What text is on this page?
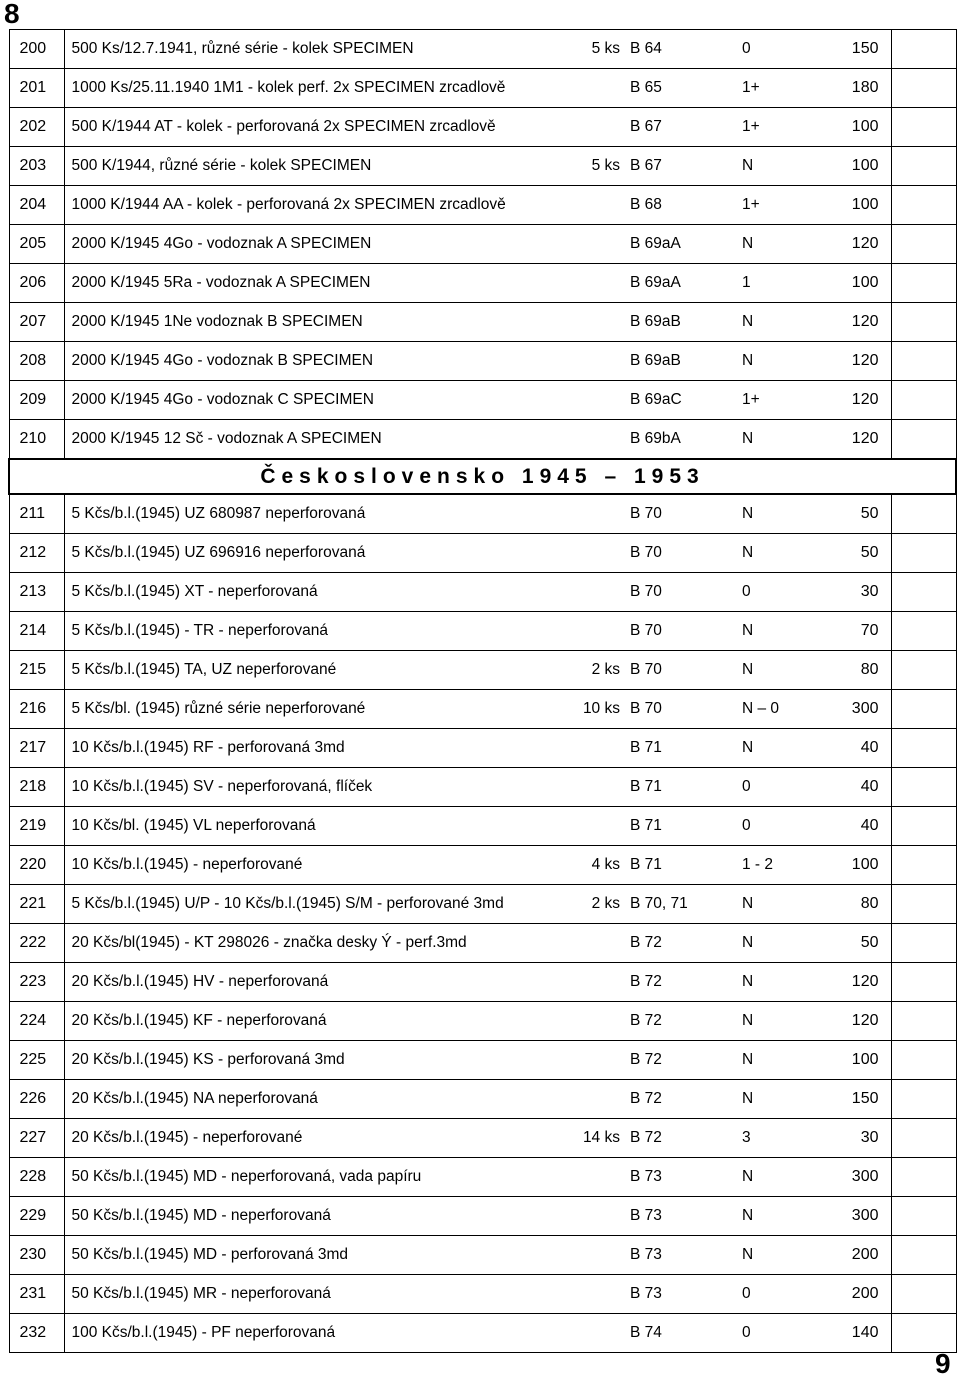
8
200	500 Ks/12.7.1941, různé série - kolek SPECIMEN	5 ks	B 64	0	150	
201	1000 Ks/25.11.1940 1M1 - kolek perf. 2x SPECIMEN zrcadlově		B 65	1+	180	
202	500 K/1944 AT - kolek - perforovaná 2x SPECIMEN zrcadlově		B 67	1+	100	
203	500 K/1944, různé série - kolek SPECIMEN	5 ks	B 67	N	100	
204	1000 K/1944 AA - kolek - perforovaná 2x SPECIMEN zrcadlově		B 68	1+	100	
205	2000 K/1945 4Go - vodoznak A SPECIMEN		B 69aA	N	120	
206	2000 K/1945 5Ra - vodoznak A SPECIMEN		B 69aA	1	100	
207	2000 K/1945 1Ne vodoznak B SPECIMEN		B 69aB	N	120	
208	2000 K/1945 4Go - vodoznak B SPECIMEN		B 69aB	N	120	
209	2000 K/1945 4Go - vodoznak C SPECIMEN		B 69aC	1+	120	
210	2000 K/1945 12 Sč - vodoznak A SPECIMEN		B 69bA	N	120	
Československo 1945 – 1953						
211	5 Kčs/b.l.(1945) UZ 680987 neperforovaná		B 70	N	50	
212	5 Kčs/b.l.(1945) UZ 696916 neperforovaná		B 70	N	50	
213	5 Kčs/b.l.(1945) XT - neperforovaná		B 70	0	30	
214	5 Kčs/b.l.(1945) - TR - neperforovaná		B 70	N	70	
215	5 Kčs/b.l.(1945) TA, UZ neperforované	2 ks	B 70	N	80	
216	5 Kčs/bl. (1945) různé série neperforované	10 ks	B 70	N – 0	300	
217	10 Kčs/b.l.(1945) RF - perforovaná 3md		B 71	N	40	
218	10 Kčs/b.l.(1945) SV - neperforovaná, flíček		B 71	0	40	
219	10 Kčs/bl. (1945) VL neperforovaná		B 71	0	40	
220	10 Kčs/b.l.(1945) - neperforované	4 ks	B 71	1 - 2	100	
221	5 Kčs/b.l.(1945) U/P - 10 Kčs/b.l.(1945) S/M - perforované 3md	2 ks	B 70, 71	N	80	
222	20 Kčs/bl(1945) - KT 298026 - značka desky Ý - perf.3md		B 72	N	50	
223	20 Kčs/b.l.(1945) HV - neperforovaná		B 72	N	120	
224	20 Kčs/b.l.(1945) KF - neperforovaná		B 72	N	120	
225	20 Kčs/b.l.(1945) KS - perforovaná 3md		B 72	N	100	
226	20 Kčs/b.l.(1945) NA neperforovaná		B 72	N	150	
227	20 Kčs/b.l.(1945) - neperforované	14 ks	B 72	3	30	
228	50 Kčs/b.l.(1945) MD - neperforovaná, vada papíru		B 73	N	300	
229	50 Kčs/b.l.(1945) MD - neperforovaná		B 73	N	300	
230	50 Kčs/b.l.(1945) MD - perforovaná 3md		B 73	N	200	
231	50 Kčs/b.l.(1945) MR - neperforovaná		B 73	0	200	
232	100 Kčs/b.l.(1945) - PF neperforovaná		B 74	0	140	
9
